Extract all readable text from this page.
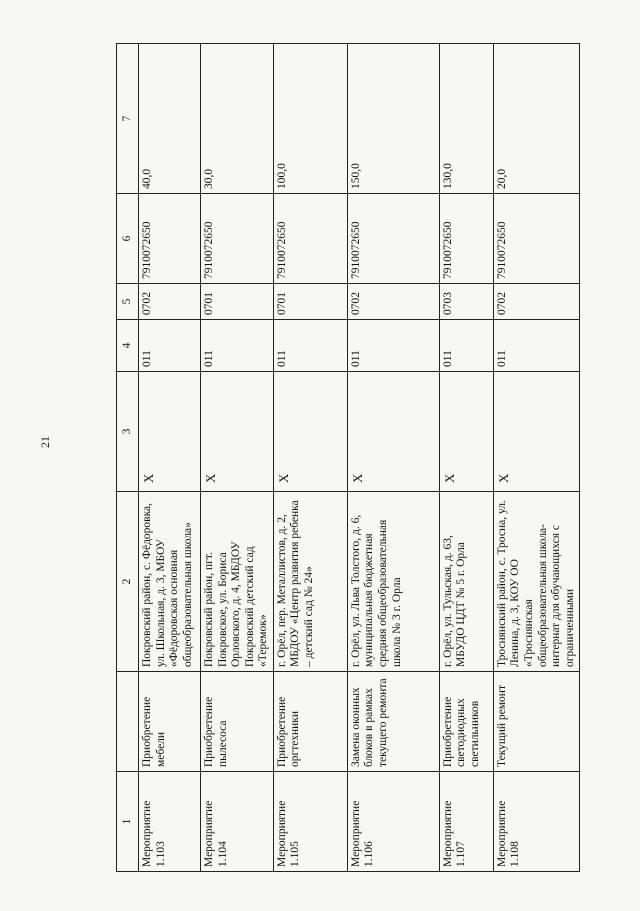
21
1		2	3	4	5	6	7
Мероприятие 1.103	Приобретение мебели	Покровский район, с. Фёдоровка, ул. Школьная, д. 3, МБОУ «Фёдоровская основная общеобразовательная школа»	X	011	0702	7910072650	40,0
Мероприятие 1.104	Приобретение пылесоса	Покровский район, пгт. Покровское, ул. Бориса Орловского, д. 4, МБДОУ Покровский детский сад «Теремок»	X	011	0701	7910072650	30,0
Мероприятие 1.105	Приобретение оргтехники	г. Орёл, пер. Металлистов, д. 2, МБДОУ «Центр развития ребенка – детский сад № 24»	X	011	0701	7910072650	100,0
Мероприятие 1.106	Замена оконных блоков в рамках текущего ремонта	г. Орёл, ул. Льва Толстого, д. 6, муниципальная бюджетная средняя общеобразовательная школа № 3 г. Орла	X	011	0702	7910072650	150,0
Мероприятие 1.107	Приобретение светодиодных светильников	г. Орёл, ул. Тульская, д. 63, МБУДО ЦДТ № 5 г. Орла	X	011	0703	7910072650	130,0
Мероприятие 1.108	Текущий ремонт	Троснянский район, с. Тросна, ул. Ленина, д. 3, КОУ ОО «Троснянская общеобразовательная школа-интернат для обучающихся с ограниченными	X	011	0702	7910072650	20,0
